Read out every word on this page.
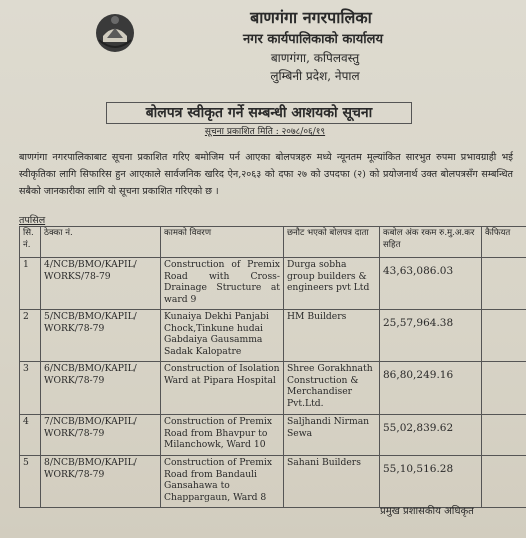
बाणगंगा नगरपालिका
नगर कार्यपालिकाको कार्यालय
बाणगंगा, कपिलवस्तु
लुम्बिनी प्रदेश, नेपाल
बोलपत्र स्वीकृत गर्ने सम्बन्धी आशयको सूचना
सूचना प्रकाशित मिति : २०७८/०६/१९
बाणगंगा नगरपालिकाबाट सूचना प्रकाशित गरिए बमोजिम पर्न आएका बोलपत्रहरु मध्ये न्यूनतम मूल्यांकित सारभुत रुपमा प्रभावग्राही भई स्वीकृतिका लागि सिफारिस हुन आएकाले सार्वजनिक खरिद ऐन,२०६३ को दफा २७ को उपदफा (२) को प्रयोजनार्थ उक्त बोलपत्रसँग सम्बन्धित सबैको जानकारीका लागि यो सूचना प्रकाशित गरिएको छ ।
तपसिल
सि. नं.	ठेक्का नं.	कामको विवरण	छनौट भएको बोलपत्र दाता	कबोल अंक रकम रु.मु.अ.कर सहित	कैफियत
1	4/NCB/BMO/KAPIL/ WORKS/78-79	Construction of Premix Road with Cross-Drainage Structure at ward 9	Durga sobha group builders & engineers pvt Ltd	43,63,086.03	
2	5/NCB/BMO/KAPIL/ WORK/78-79	Kunaiya Dekhi Panjabi Chock,Tinkune hudai Gabdaiya Gausamma Sadak Kalopatre	HM Builders	25,57,964.38	
3	6/NCB/BMO/KAPIL/ WORK/78-79	Construction of Isolation Ward at Pipara Hospital	Shree Gorakhnath Construction & Merchandiser Pvt.Ltd.	86,80,249.16	
4	7/NCB/BMO/KAPIL/ WORK/78-79	Construction of Premix Road from Bhavpur to Milanchowk, Ward 10	Saljhandi Nirman Sewa	55,02,839.62	
5	8/NCB/BMO/KAPIL/ WORK/78-79	Construction of Premix Road from Bandauli Gansahawa to Chappargaun, Ward 8	Sahani Builders	55,10,516.28	
प्रमुख प्रशासकीय अधिकृत
